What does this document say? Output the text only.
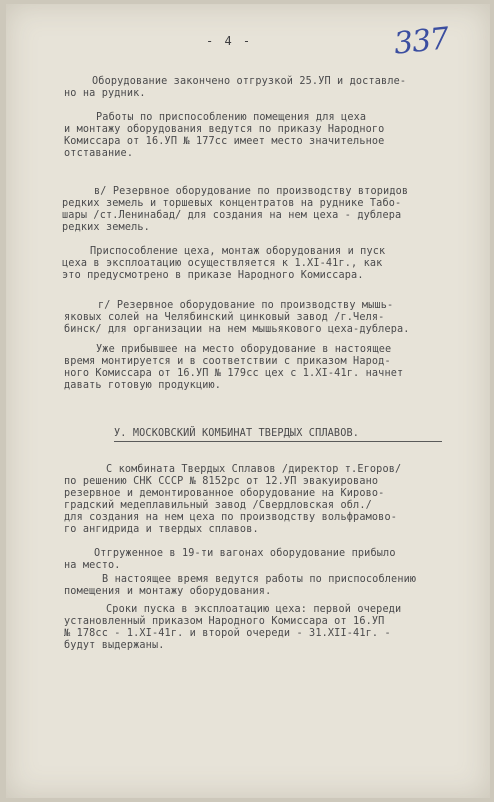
- 4 -	337
Оборудование закончено отгрузкой 25.УП и доставле-
но на рудник.
Работы по приспособлению помещения для цеха
и монтажу оборудования ведутся по приказу Народного
Комиссара от 16.УП № 177сс имеет место значительное
отставание.
в/ Резервное оборудование по производству вторидов
редких земель и торшевых концентратов на руднике Табо-
шары /ст.Ленинабад/ для создания на нем цеха - дублера
редких земель.
Приспособление цеха, монтаж оборудования и пуск
цеха в эксплоатацию осуществляется к 1.XI-41г., как
это предусмотрено в приказе Народного Комиссара.
г/ Резервное оборудование по производству мышь-
яковых солей на Челябинский цинковый завод /г.Челя-
бинск/ для организации на нем мышьякового цеха-дублера.
Уже прибывшее на место оборудование в настоящее
время монтируется и в соответствии с приказом Народ-
ного Комиссара от 16.УП № 179сс цех с 1.XI-41г. начнет
давать готовую продукцию.
У. МОСКОВСКИЙ КОМБИНАТ ТВЕРДЫХ СПЛАВОВ.
С комбината Твердых Сплавов /директор т.Егоров/
по решению СНК СССР № 8152рс от 12.УП эвакуировано
резервное и демонтированное оборудование на Кирово-
градский медеплавильный завод /Свердловская обл./
для создания на нем цеха по производству вольфрамово-
го ангидрида и твердых сплавов.
Отгруженное в 19-ти вагонах оборудование прибыло
на место.
В настоящее время ведутся работы по приспособлению
помещения и монтажу оборудования.
Сроки пуска в эксплоатацию цеха: первой очереди
установленный приказом Народного Комиссара от 16.УП
№ 178сс - 1.XI-41г. и второй очереди - 31.XII-41г. -
будут выдержаны.
